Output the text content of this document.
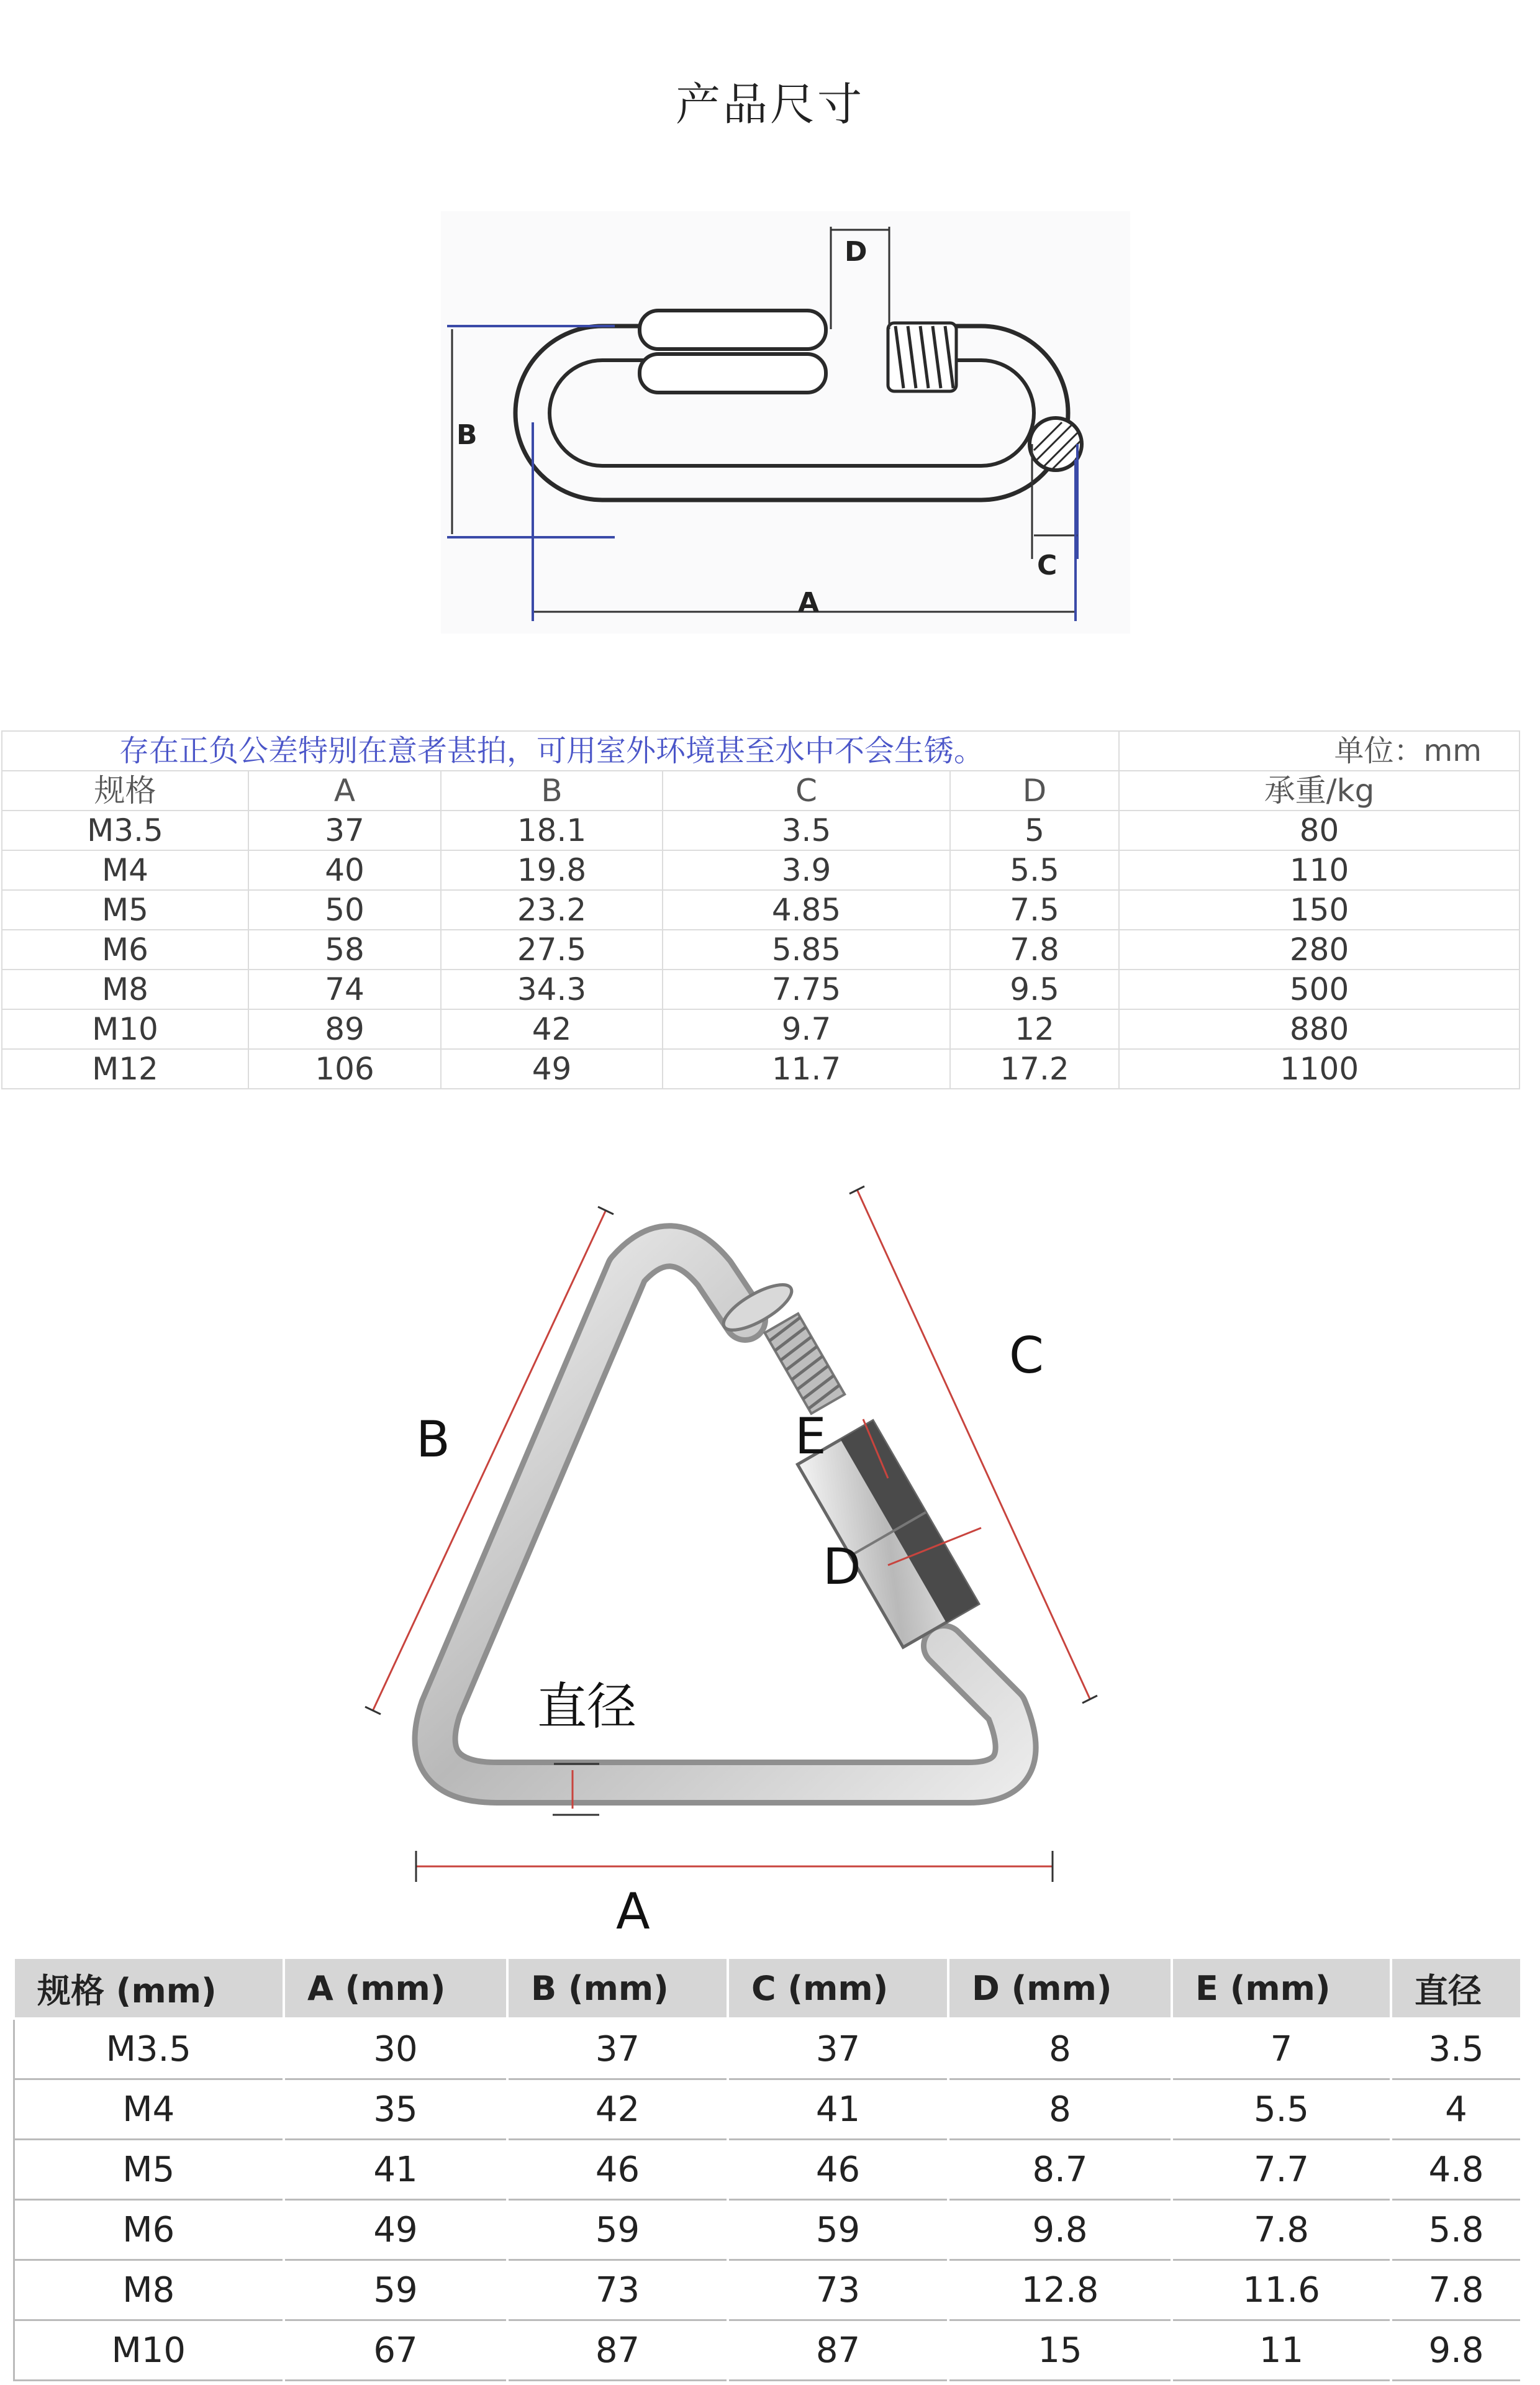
产品尺寸
D
B
C
A
存在正负公差特别在意者甚拍，可用室外环境甚至水中不会生锈。					单位：mm
规格	A	B	C	D	承重/kg
M3.5	37	18.1	3.5	5	80
M4	40	19.8	3.9	5.5	110
M5	50	23.2	4.85	7.5	150
M6	58	27.5	5.85	7.8	280
M8	74	34.3	7.75	9.5	500
M10	89	42	9.7	12	880
M12	106	49	11.7	17.2	1100
B
C
E
D
直径
A
规格 (mm)	A (mm)	B (mm)	C (mm)	D (mm)	E (mm)	直径
M3.5	30	37	37	8	7	3.5
M4	35	42	41	8	5.5	4
M5	41	46	46	8.7	7.7	4.8
M6	49	59	59	9.8	7.8	5.8
M8	59	73	73	12.8	11.6	7.8
M10	67	87	87	15	11	9.8
